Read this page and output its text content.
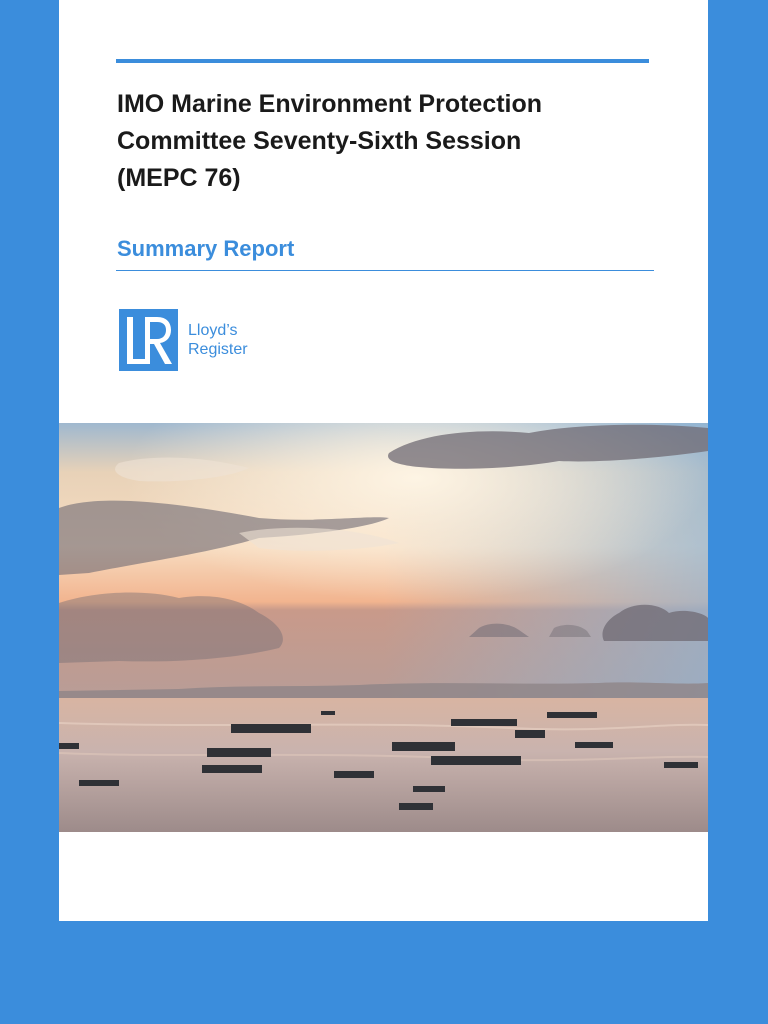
IMO Marine Environment Protection
Committee Seventy-Sixth Session
(MEPC 76)
Summary Report
Lloyd’s
Register
